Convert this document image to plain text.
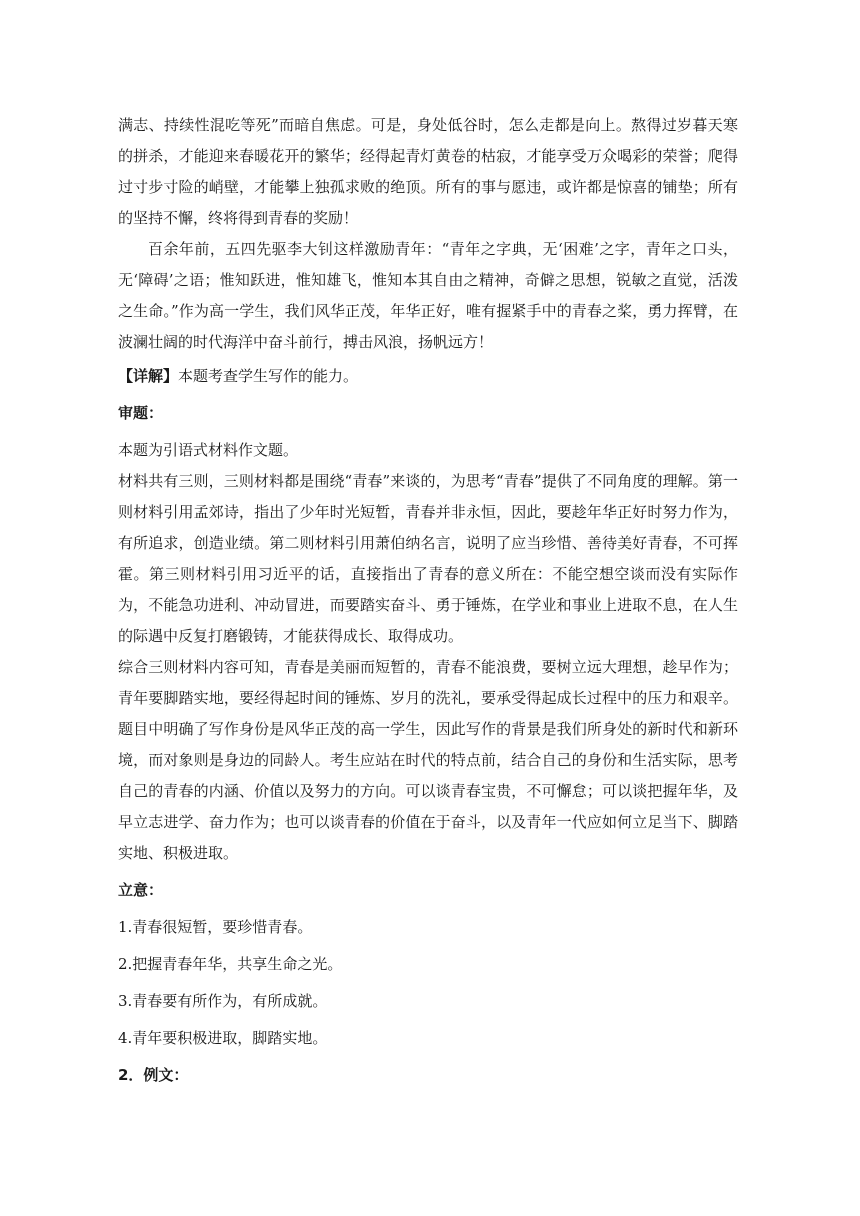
满志、持续性混吃等死”而暗自焦虑。可是，身处低谷时，怎么走都是向上。熬得过岁暮天寒的拼杀，才能迎来春暖花开的繁华；经得起青灯黄卷的枯寂，才能享受万众喝彩的荣誉；爬得过寸步寸险的峭壁，才能攀上独孤求败的绝顶。所有的事与愿违，或许都是惊喜的铺垫；所有的坚持不懈，终将得到青春的奖励！

百余年前，五四先驱李大钊这样激励青年：“青年之字典，无‘困难’之字，青年之口头，无‘障碍’之语；惟知跃进，惟知雄飞，惟知本其自由之精神，奇僻之思想，锐敏之直觉，活泼之生命。”作为高一学生，我们风华正茂，年华正好，唯有握紧手中的青春之桨，勇力挥臂，在波澜壮阔的时代海洋中奋斗前行，搏击风浪，扬帆远方！

【详解】本题考查学生写作的能力。

审题：

本题为引语式材料作文题。

材料共有三则，三则材料都是围绕“青春”来谈的，为思考“青春”提供了不同角度的理解。第一则材料引用孟郊诗，指出了少年时光短暂，青春并非永恒，因此，要趁年华正好时努力作为，有所追求，创造业绩。第二则材料引用萧伯纳名言，说明了应当珍惜、善待美好青春，不可挥霍。第三则材料引用习近平的话，直接指出了青春的意义所在：不能空想空谈而没有实际作为，不能急功进利、冲动冒进，而要踏实奋斗、勇于锤炼，在学业和事业上进取不息，在人生的际遇中反复打磨锻铸，才能获得成长、取得成功。

综合三则材料内容可知，青春是美丽而短暂的，青春不能浪费，要树立远大理想，趁早作为；青年要脚踏实地，要经得起时间的锤炼、岁月的洗礼，要承受得起成长过程中的压力和艰辛。题目中明确了写作身份是风华正茂的高一学生，因此写作的背景是我们所身处的新时代和新环境，而对象则是身边的同龄人。考生应站在时代的特点前，结合自己的身份和生活实际，思考自己的青春的内涵、价值以及努力的方向。可以谈青春宝贵，不可懈怠；可以谈把握年华，及早立志进学、奋力作为；也可以谈青春的价值在于奋斗，以及青年一代应如何立足当下、脚踏实地、积极进取。

立意：

1.青春很短暂，要珍惜青春。

2.把握青春年华，共享生命之光。

3.青春要有所作为，有所成就。

4.青年要积极进取，脚踏实地。

2．例文：
